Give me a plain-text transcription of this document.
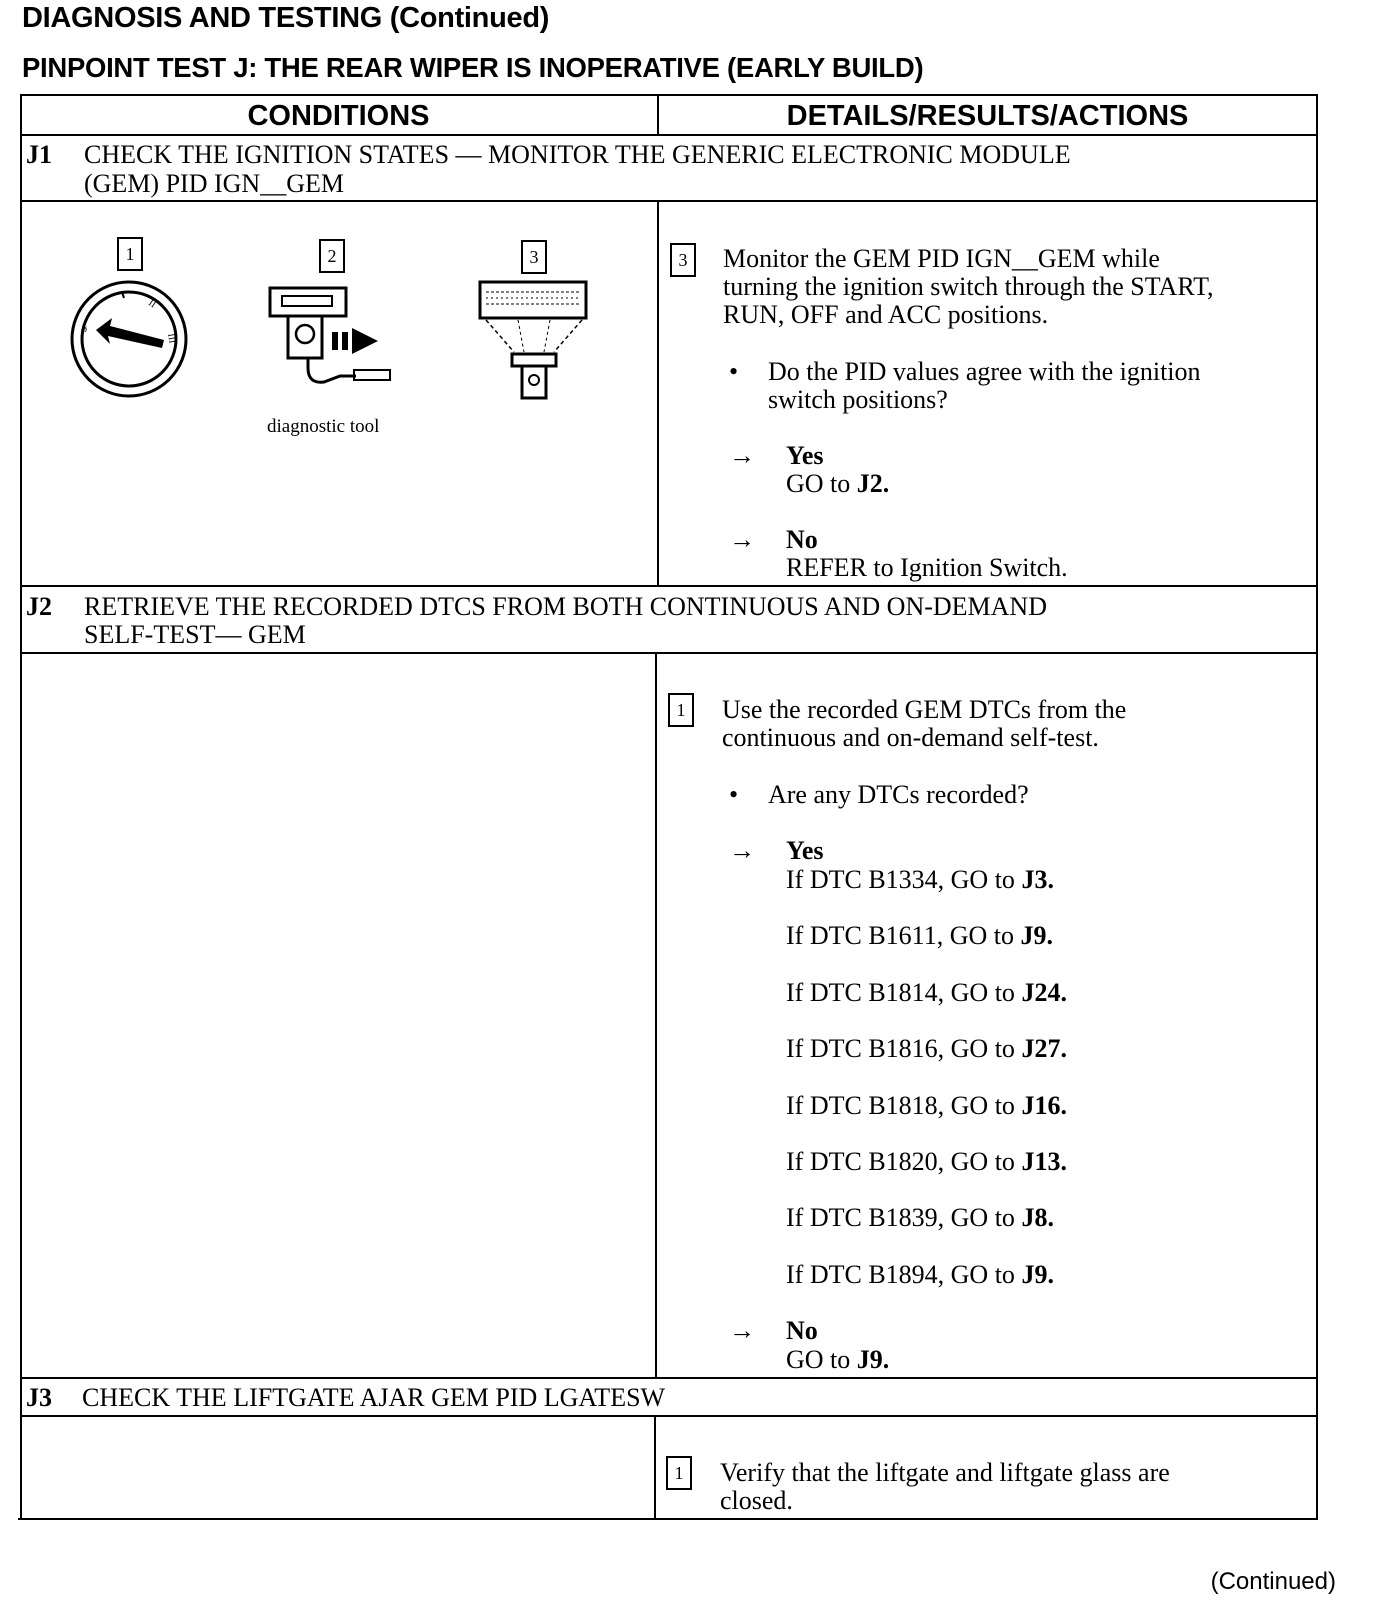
DIAGNOSIS AND TESTING (Continued)
PINPOINT TEST J: THE REAR WIPER IS INOPERATIVE (EARLY BUILD)
CONDITIONS	DETAILS/RESULTS/ACTIONS
J1 CHECK THE IGNITION STATES — MONITOR THE GENERIC ELECTRONIC MODULE
(GEM) PID IGN__GEM
1	2	3
II
III
ø
diagnostic tool
3	Monitor the GEM PID IGN__GEM while
turning the ignition switch through the START,
RUN, OFF and ACC positions.
• Do the PID values agree with the ignition
switch positions?
→ Yes
GO to J2.
→ No
REFER to Ignition Switch.
J2 RETRIEVE THE RECORDED DTCS FROM BOTH CONTINUOUS AND ON-DEMAND
SELF-TEST— GEM
1	Use the recorded GEM DTCs from the
continuous and on-demand self-test.
• Are any DTCs recorded?
→ Yes
If DTC B1334, GO to J3.
If DTC B1611, GO to J9.
If DTC B1814, GO to J24.
If DTC B1816, GO to J27.
If DTC B1818, GO to J16.
If DTC B1820, GO to J13.
If DTC B1839, GO to J8.
If DTC B1894, GO to J9.
→ No
GO to J9.
J3 CHECK THE LIFTGATE AJAR GEM PID LGATESW
1	Verify that the liftgate and liftgate glass are
closed.
(Continued)
